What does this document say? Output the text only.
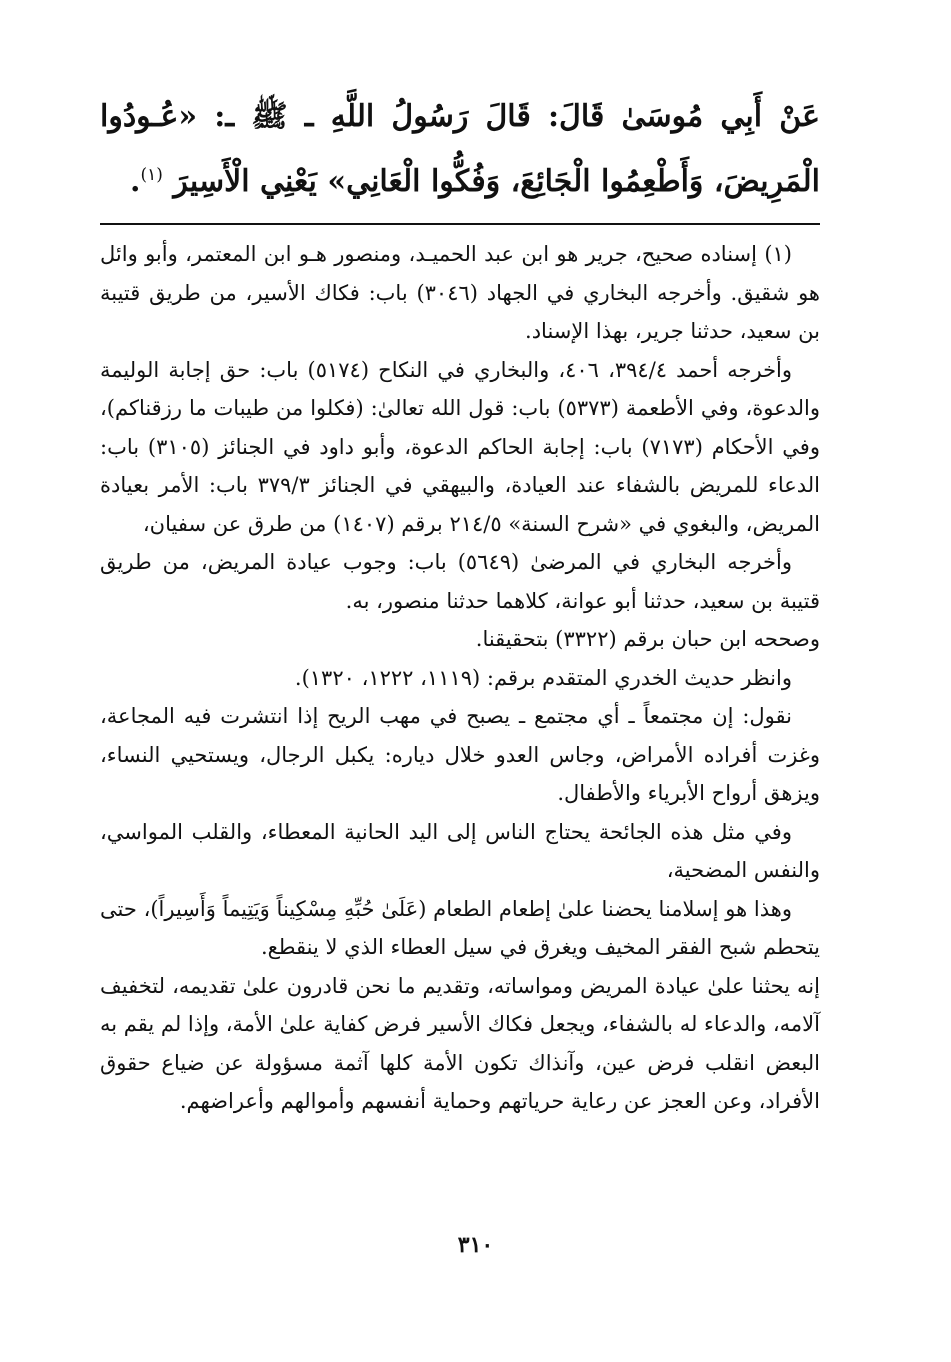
عَنْ أَبِي مُوسَىٰ قَالَ: قَالَ رَسُولُ اللَّهِ ـ ﷺ ـ: «عُـودُوا الْمَرِيضَ، وَأَطْعِمُوا الْجَائِعَ، وَفُكُّوا الْعَانِي» يَعْنِي الْأَسِيرَ $^{(١)}$.

(١) إسناده صحيح، جرير هو ابن عبد الحميـد، ومنصور هـو ابن المعتمر، وأبو وائل هو شقيق. وأخرجه البخاري في الجهاد (٣٠٤٦) باب: فكاك الأسير، من طريق قتيبة بن سعيد، حدثنا جرير، بهذا الإسناد.

وأخرجه أحمد ٣٩٤/٤، ٤٠٦، والبخاري في النكاح (٥١٧٤) باب: حق إجابة الوليمة والدعوة، وفي الأطعمة (٥٣٧٣) باب: قول الله تعالىٰ: (فكلوا من طيبات ما رزقناكم)، وفي الأحكام (٧١٧٣) باب: إجابة الحاكم الدعوة، وأبو داود في الجنائز (٣١٠٥) باب: الدعاء للمريض بالشفاء عند العيادة، والبيهقي في الجنائز ٣٧٩/٣ باب: الأمر بعيادة المريض، والبغوي في «شرح السنة» ٢١٤/٥ برقم (١٤٠٧) من طرق عن سفيان،

وأخرجه البخاري في المرضىٰ (٥٦٤٩) باب: وجوب عيادة المريض، من طريق قتيبة بن سعيد، حدثنا أبو عوانة، كلاهما حدثنا منصور، به.

وصححه ابن حبان برقم (٣٣٢٢) بتحقيقنا.

وانظر حديث الخدري المتقدم برقم: (١١١٩، ١٢٢٢، ١٣٢٠).

نقول: إن مجتمعاً ـ أي مجتمع ـ يصبح في مهب الريح إذا انتشرت فيه المجاعة، وغزت أفراده الأمراض، وجاس العدو خلال دياره: يكبل الرجال، ويستحيي النساء، ويزهق أرواح الأبرياء والأطفال.

وفي مثل هذه الجائحة يحتاج الناس إلى اليد الحانية المعطاء، والقلب المواسي، والنفس المضحية،

وهذا هو إسلامنا يحضنا علىٰ إطعام الطعام (عَلَىٰ حُبِّهِ مِسْكِيناً وَيَتِيماً وَأَسِيراً)، حتى يتحطم شبح الفقر المخيف ويغرق في سيل العطاء الذي لا ينقطع.

إنه يحثنا علىٰ عيادة المريض ومواساته، وتقديم ما نحن قادرون علىٰ تقديمه، لتخفيف آلامه، والدعاء له بالشفاء، ويجعل فكاك الأسير فرض كفاية علىٰ الأمة، وإذا لم يقم به البعض انقلب فرض عين، وآنذاك تكون الأمة كلها آثمة مسؤولة عن ضياع حقوق الأفراد، وعن العجز عن رعاية حرياتهم وحماية أنفسهم وأموالهم وأعراضهم.

٣١٠
